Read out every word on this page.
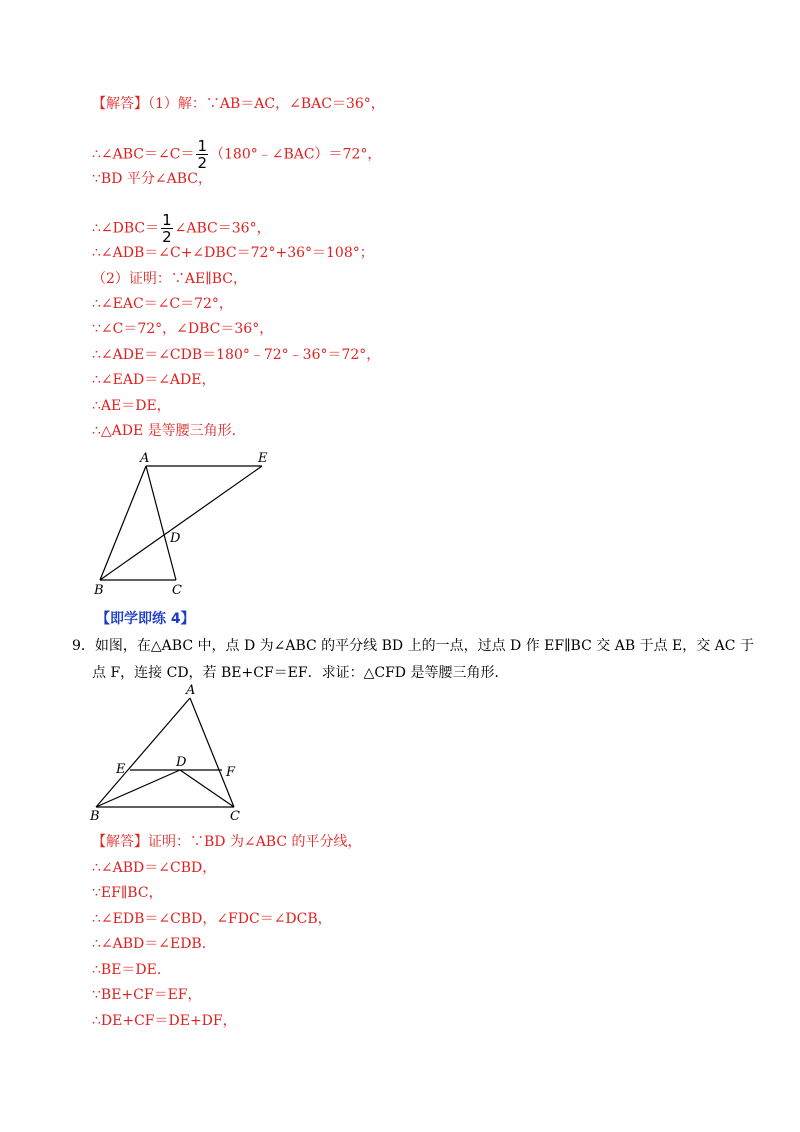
【解答】（1）解：∵AB＝AC，∠BAC＝36°，
∴∠ABC＝∠C＝ $\frac{1}{2}$ （180°﹣∠BAC）＝72°，
∵BD 平分∠ABC，
∴∠DBC＝ $\frac{1}{2}$ ∠ABC＝36°，
∴∠ADB＝∠C+∠DBC＝72°+36°＝108°；
（2）证明：∵AE∥BC，
∴∠EAC＝∠C＝72°，
∵∠C＝72°，∠DBC＝36°，
∴∠ADE＝∠CDB＝180°﹣72°﹣36°＝72°，
∴∠EAD＝∠ADE，
∴AE＝DE，
∴△ADE 是等腰三角形．
A	E
D
B	C
【即学即练 4】
9．如图，在△ABC 中，点 D 为∠ABC 的平分线 BD 上的一点，过点 D 作 EF∥BC 交 AB 于点 E，交 AC 于
点 F，连接 CD，若 BE+CF＝EF．求证：△CFD 是等腰三角形．
A
E	D
F
B	C
【解答】证明：∵BD 为∠ABC 的平分线，
∴∠ABD＝∠CBD，
∵EF∥BC，
∴∠EDB＝∠CBD，∠FDC＝∠DCB，
∴∠ABD＝∠EDB．
∴BE＝DE．
∵BE+CF＝EF，
∴DE+CF＝DE+DF，
